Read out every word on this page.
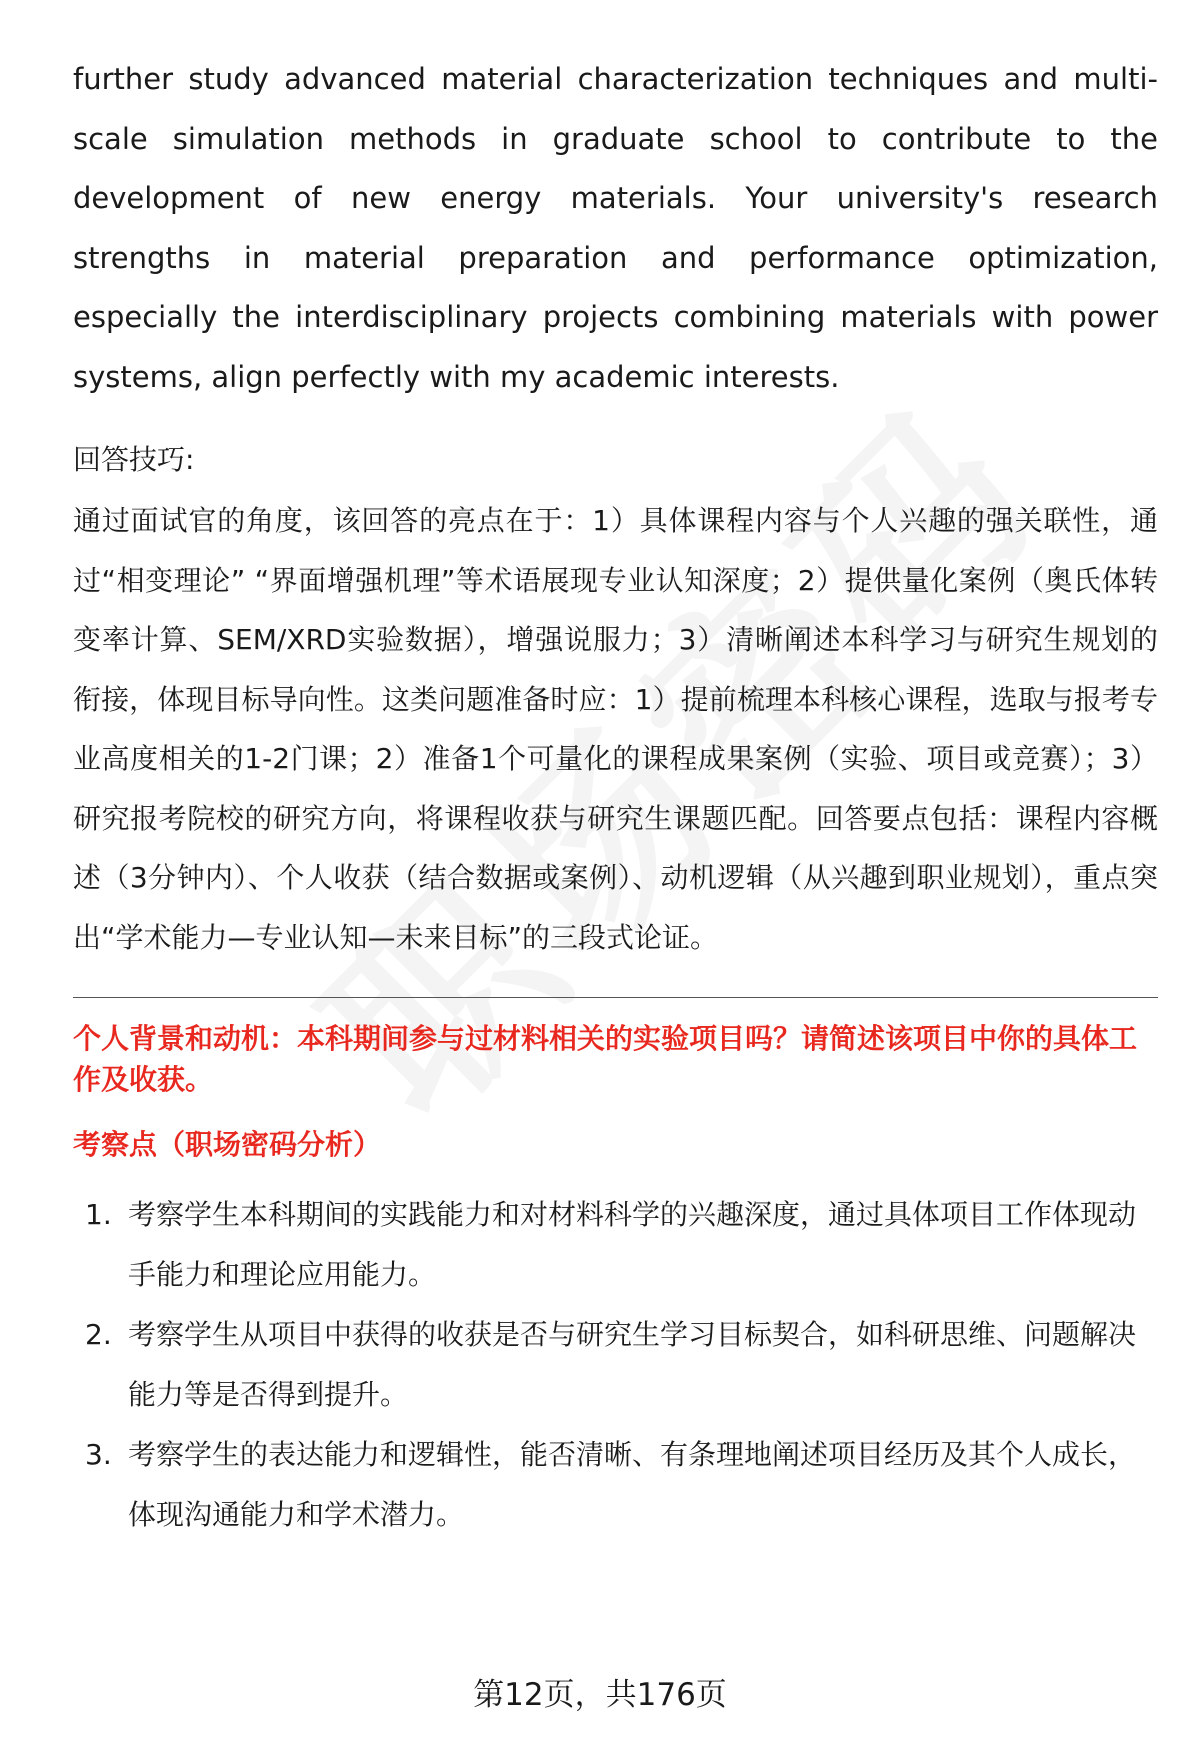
further study advanced material characterization techniques and multi-scale simulation methods in graduate school to contribute to the development of new energy materials. Your university's research strengths in material preparation and performance optimization, especially the interdisciplinary projects combining materials with power systems, align perfectly with my academic interests.

回答技巧:

通过面试官的角度，该回答的亮点在于：1）具体课程内容与个人兴趣的强关联性，通过“相变理论” “界面增强机理”等术语展现专业认知深度；2）提供量化案例（奥氏体转变率计算、SEM/XRD实验数据），增强说服力；3）清晰阐述本科学习与研究生规划的衔接，体现目标导向性。这类问题准备时应：1）提前梳理本科核心课程，选取与报考专业高度相关的1-2门课；2）准备1个可量化的课程成果案例（实验、项目或竞赛）；3）研究报考院校的研究方向，将课程收获与研究生课题匹配。回答要点包括：课程内容概述（3分钟内）、个人收获（结合数据或案例）、动机逻辑（从兴趣到职业规划），重点突出“学术能力—专业认知—未来目标”的三段式论证。

个人背景和动机：本科期间参与过材料相关的实验项目吗？请简述该项目中你的具体工作及收获。

考察点（职场密码分析）

1. 考察学生本科期间的实践能力和对材料科学的兴趣深度，通过具体项目工作体现动手能力和理论应用能力。
2. 考察学生从项目中获得的收获是否与研究生学习目标契合，如科研思维、问题解决能力等是否得到提升。
3. 考察学生的表达能力和逻辑性，能否清晰、有条理地阐述项目经历及其个人成长，体现沟通能力和学术潜力。
第12页，共176页
